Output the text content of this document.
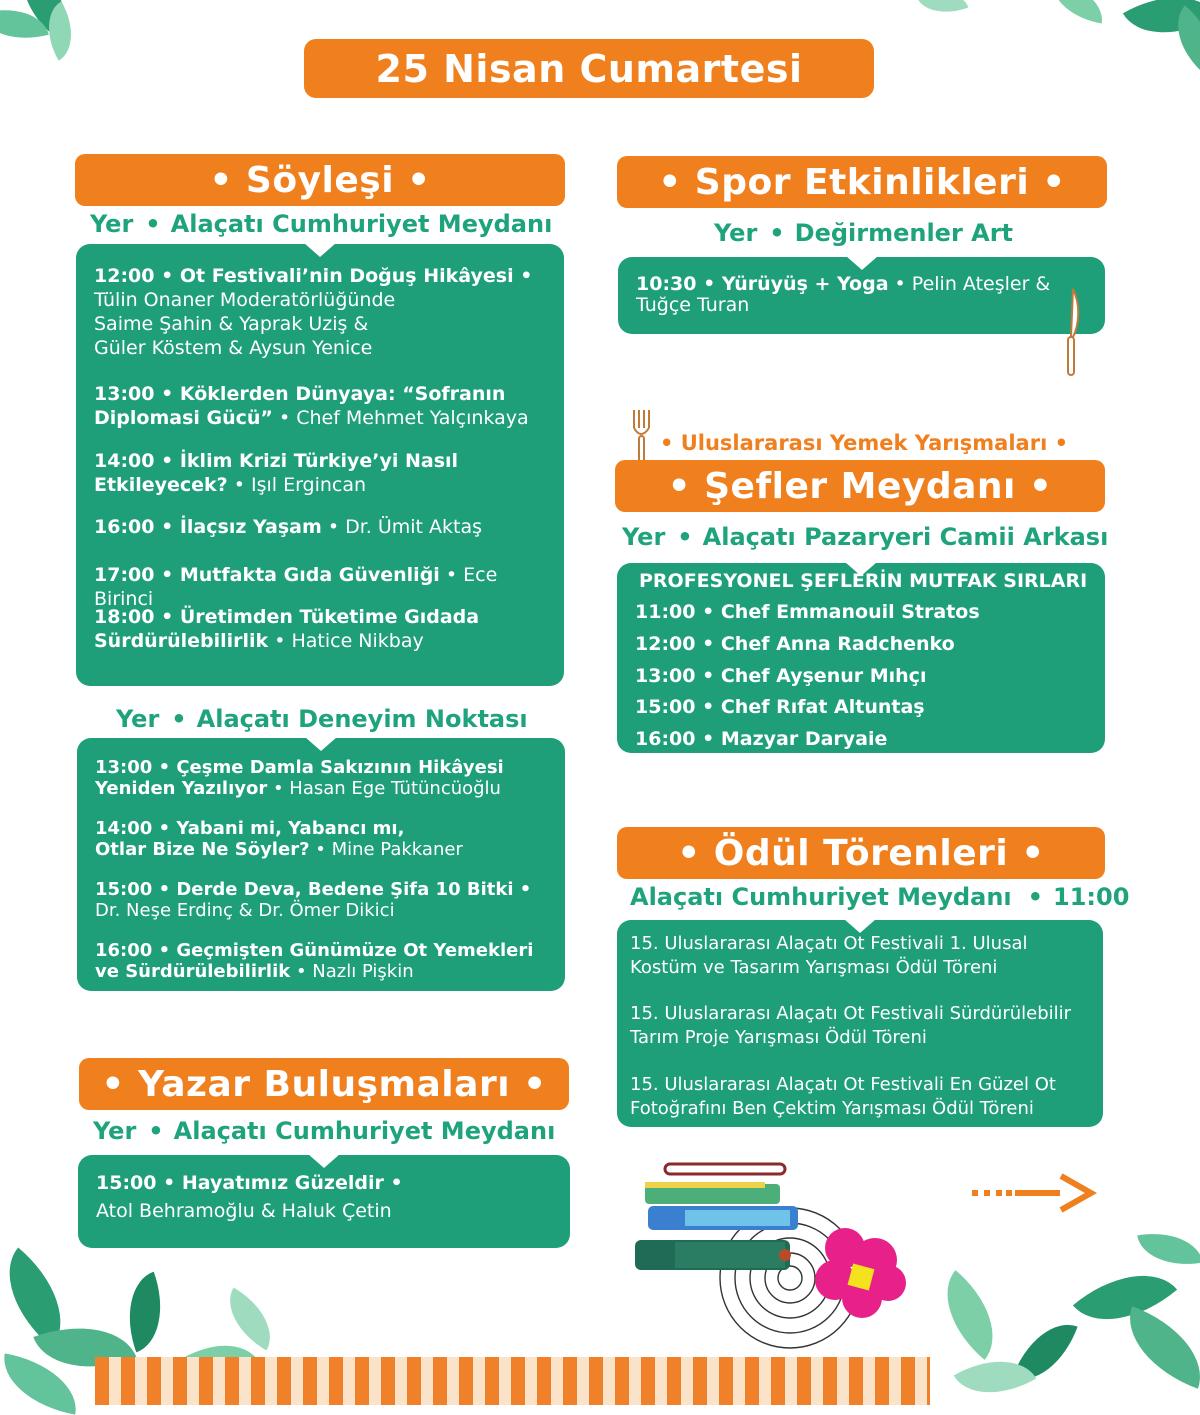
25 Nisan Cumartesi
• Söyleşi •
Yer • Alaçatı Cumhuriyet Meydanı
12:00 • Ot Festivali’nin Doğuş Hikâyesi •
Tülin Onaner Moderatörlüğünde
Saime Şahin & Yaprak Uziş &
Güler Köstem & Aysun Yenice
13:00 • Köklerden Dünyaya: “Sofranın
Diplomasi Gücü” • Chef Mehmet Yalçınkaya
14:00 • İklim Krizi Türkiye’yi Nasıl
Etkileyecek? • Işıl Ergincan
16:00 • İlaçsız Yaşam • Dr. Ümit Aktaş
17:00 • Mutfakta Gıda Güvenliği • Ece Birinci
18:00 • Üretimden Tüketime Gıdada
Sürdürülebilirlik • Hatice Nikbay
Yer • Alaçatı Deneyim Noktası
13:00 • Çeşme Damla Sakızının Hikâyesi
Yeniden Yazılıyor • Hasan Ege Tütüncüoğlu
14:00 • Yabani mi, Yabancı mı,
Otlar Bize Ne Söyler? • Mine Pakkaner
15:00 • Derde Deva, Bedene Şifa 10 Bitki •
Dr. Neşe Erdinç & Dr. Ömer Dikici
16:00 • Geçmişten Günümüze Ot Yemekleri
ve Sürdürülebilirlik • Nazlı Pişkin
• Yazar Buluşmaları •
Yer • Alaçatı Cumhuriyet Meydanı
15:00 • Hayatımız Güzeldir •
Atol Behramoğlu & Haluk Çetin
• Spor Etkinlikleri •
Yer • Değirmenler Art
10:30 • Yürüyüş + Yoga • Pelin Ateşler &
Tuğçe Turan
• Uluslararası Yemek Yarışmaları •
• Şefler Meydanı •
Yer • Alaçatı Pazaryeri Camii Arkası
PROFESYONEL ŞEFLERİN MUTFAK SIRLARI
11:00 • Chef Emmanouil Stratos
12:00 • Chef Anna Radchenko
13:00 • Chef Ayşenur Mıhçı
15:00 • Chef Rıfat Altuntaş
16:00 • Mazyar Daryaie
• Ödül Törenleri •
Alaçatı Cumhuriyet Meydanı • 11:00
15. Uluslararası Alaçatı Ot Festivali 1. Ulusal
Kostüm ve Tasarım Yarışması Ödül Töreni
15. Uluslararası Alaçatı Ot Festivali Sürdürülebilir
Tarım Proje Yarışması Ödül Töreni
15. Uluslararası Alaçatı Ot Festivali En Güzel Ot
Fotoğrafını Ben Çektim Yarışması Ödül Töreni
